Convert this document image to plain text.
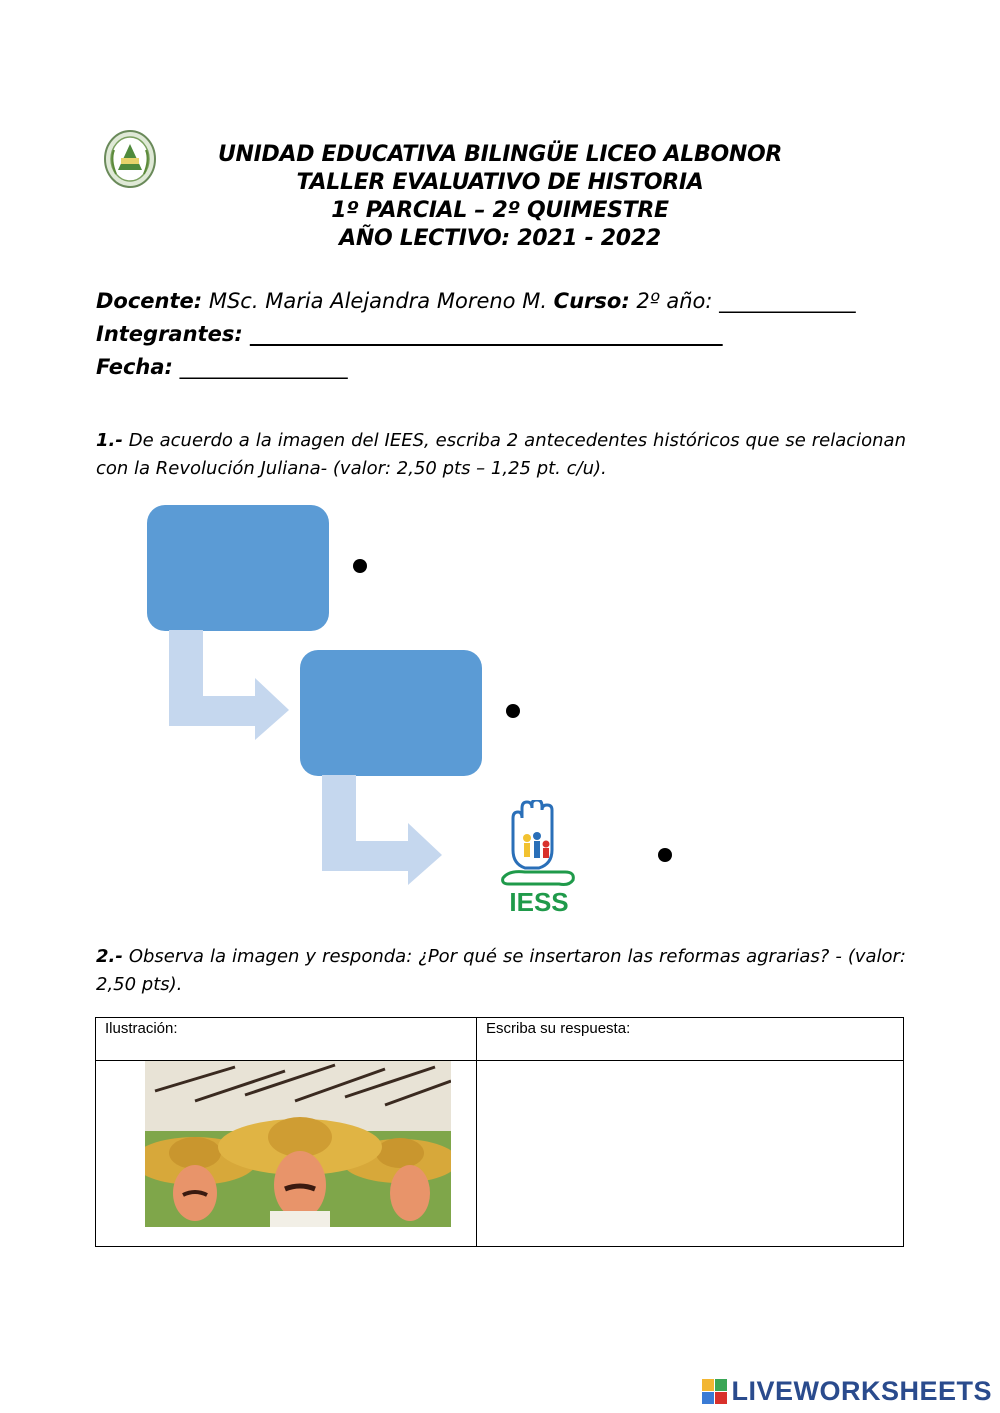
UNIDAD EDUCATIVA BILINGÜE LICEO ALBONOR
TALLER EVALUATIVO DE HISTORIA
1º PARCIAL – 2º QUIMESTRE
AÑO LECTIVO: 2021 - 2022
Docente: MSc. Maria Alejandra Moreno M. Curso: 2º año: _____________
Integrantes: _____________________________________________
Fecha: ________________
1.- De acuerdo a la imagen del IEES, escriba 2 antecedentes históricos que se relacionan con la Revolución Juliana- (valor: 2,50 pts – 1,25 pt. c/u).
IESS
2.- Observa la imagen y responda: ¿Por qué se insertaron las reformas agrarias? - (valor: 2,50 pts).
Ilustración:	Escriba su respuesta:

LIVEWORKSHEETS
